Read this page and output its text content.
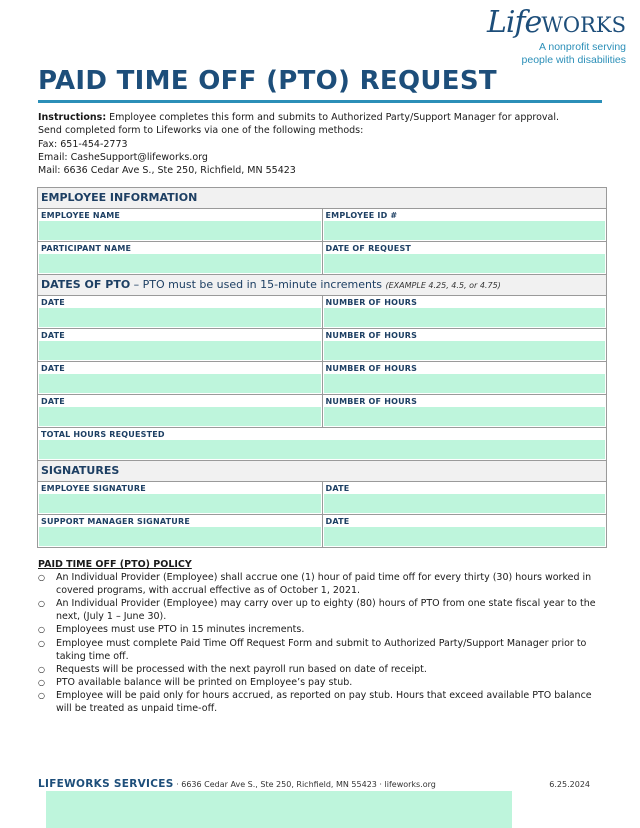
LifeWORKS
A nonprofit serving
people with disabilities
PAID TIME OFF (PTO) REQUEST
Instructions: Employee completes this form and submits to Authorized Party/Support Manager for approval.
Send completed form to Lifeworks via one of the following methods:
Fax: 651-454-2773
Email: CasheSupport@lifeworks.org
Mail: 6636 Cedar Ave S., Ste 250, Richfield, MN 55423
EMPLOYEE INFORMATION
EMPLOYEE NAME	EMPLOYEE ID #
PARTICIPANT NAME	DATE OF REQUEST
DATES OF PTO – PTO must be used in 15-minute increments (EXAMPLE 4.25, 4.5, or 4.75)
DATE	NUMBER OF HOURS
DATE	NUMBER OF HOURS
DATE	NUMBER OF HOURS
DATE	NUMBER OF HOURS
TOTAL HOURS REQUESTED
SIGNATURES
EMPLOYEE SIGNATURE	DATE
SUPPORT MANAGER SIGNATURE	DATE
PAID TIME OFF (PTO) POLICY
○ An Individual Provider (Employee) shall accrue one (1) hour of paid time off for every thirty (30) hours worked in covered programs, with accrual effective as of October 1, 2021.
○ An Individual Provider (Employee) may carry over up to eighty (80) hours of PTO from one state fiscal year to the next, (July 1 – June 30).
○ Employees must use PTO in 15 minutes increments.
○ Employee must complete Paid Time Off Request Form and submit to Authorized Party/Support Manager prior to taking time off.
○ Requests will be processed with the next payroll run based on date of receipt.
○ PTO available balance will be printed on Employee’s pay stub.
○ Employee will be paid only for hours accrued, as reported on pay stub. Hours that exceed available PTO balance will be treated as unpaid time-off.
LIFEWORKS SERVICES · 6636 Cedar Ave S., Ste 250, Richfield, MN 55423 · lifeworks.org	6.25.2024
